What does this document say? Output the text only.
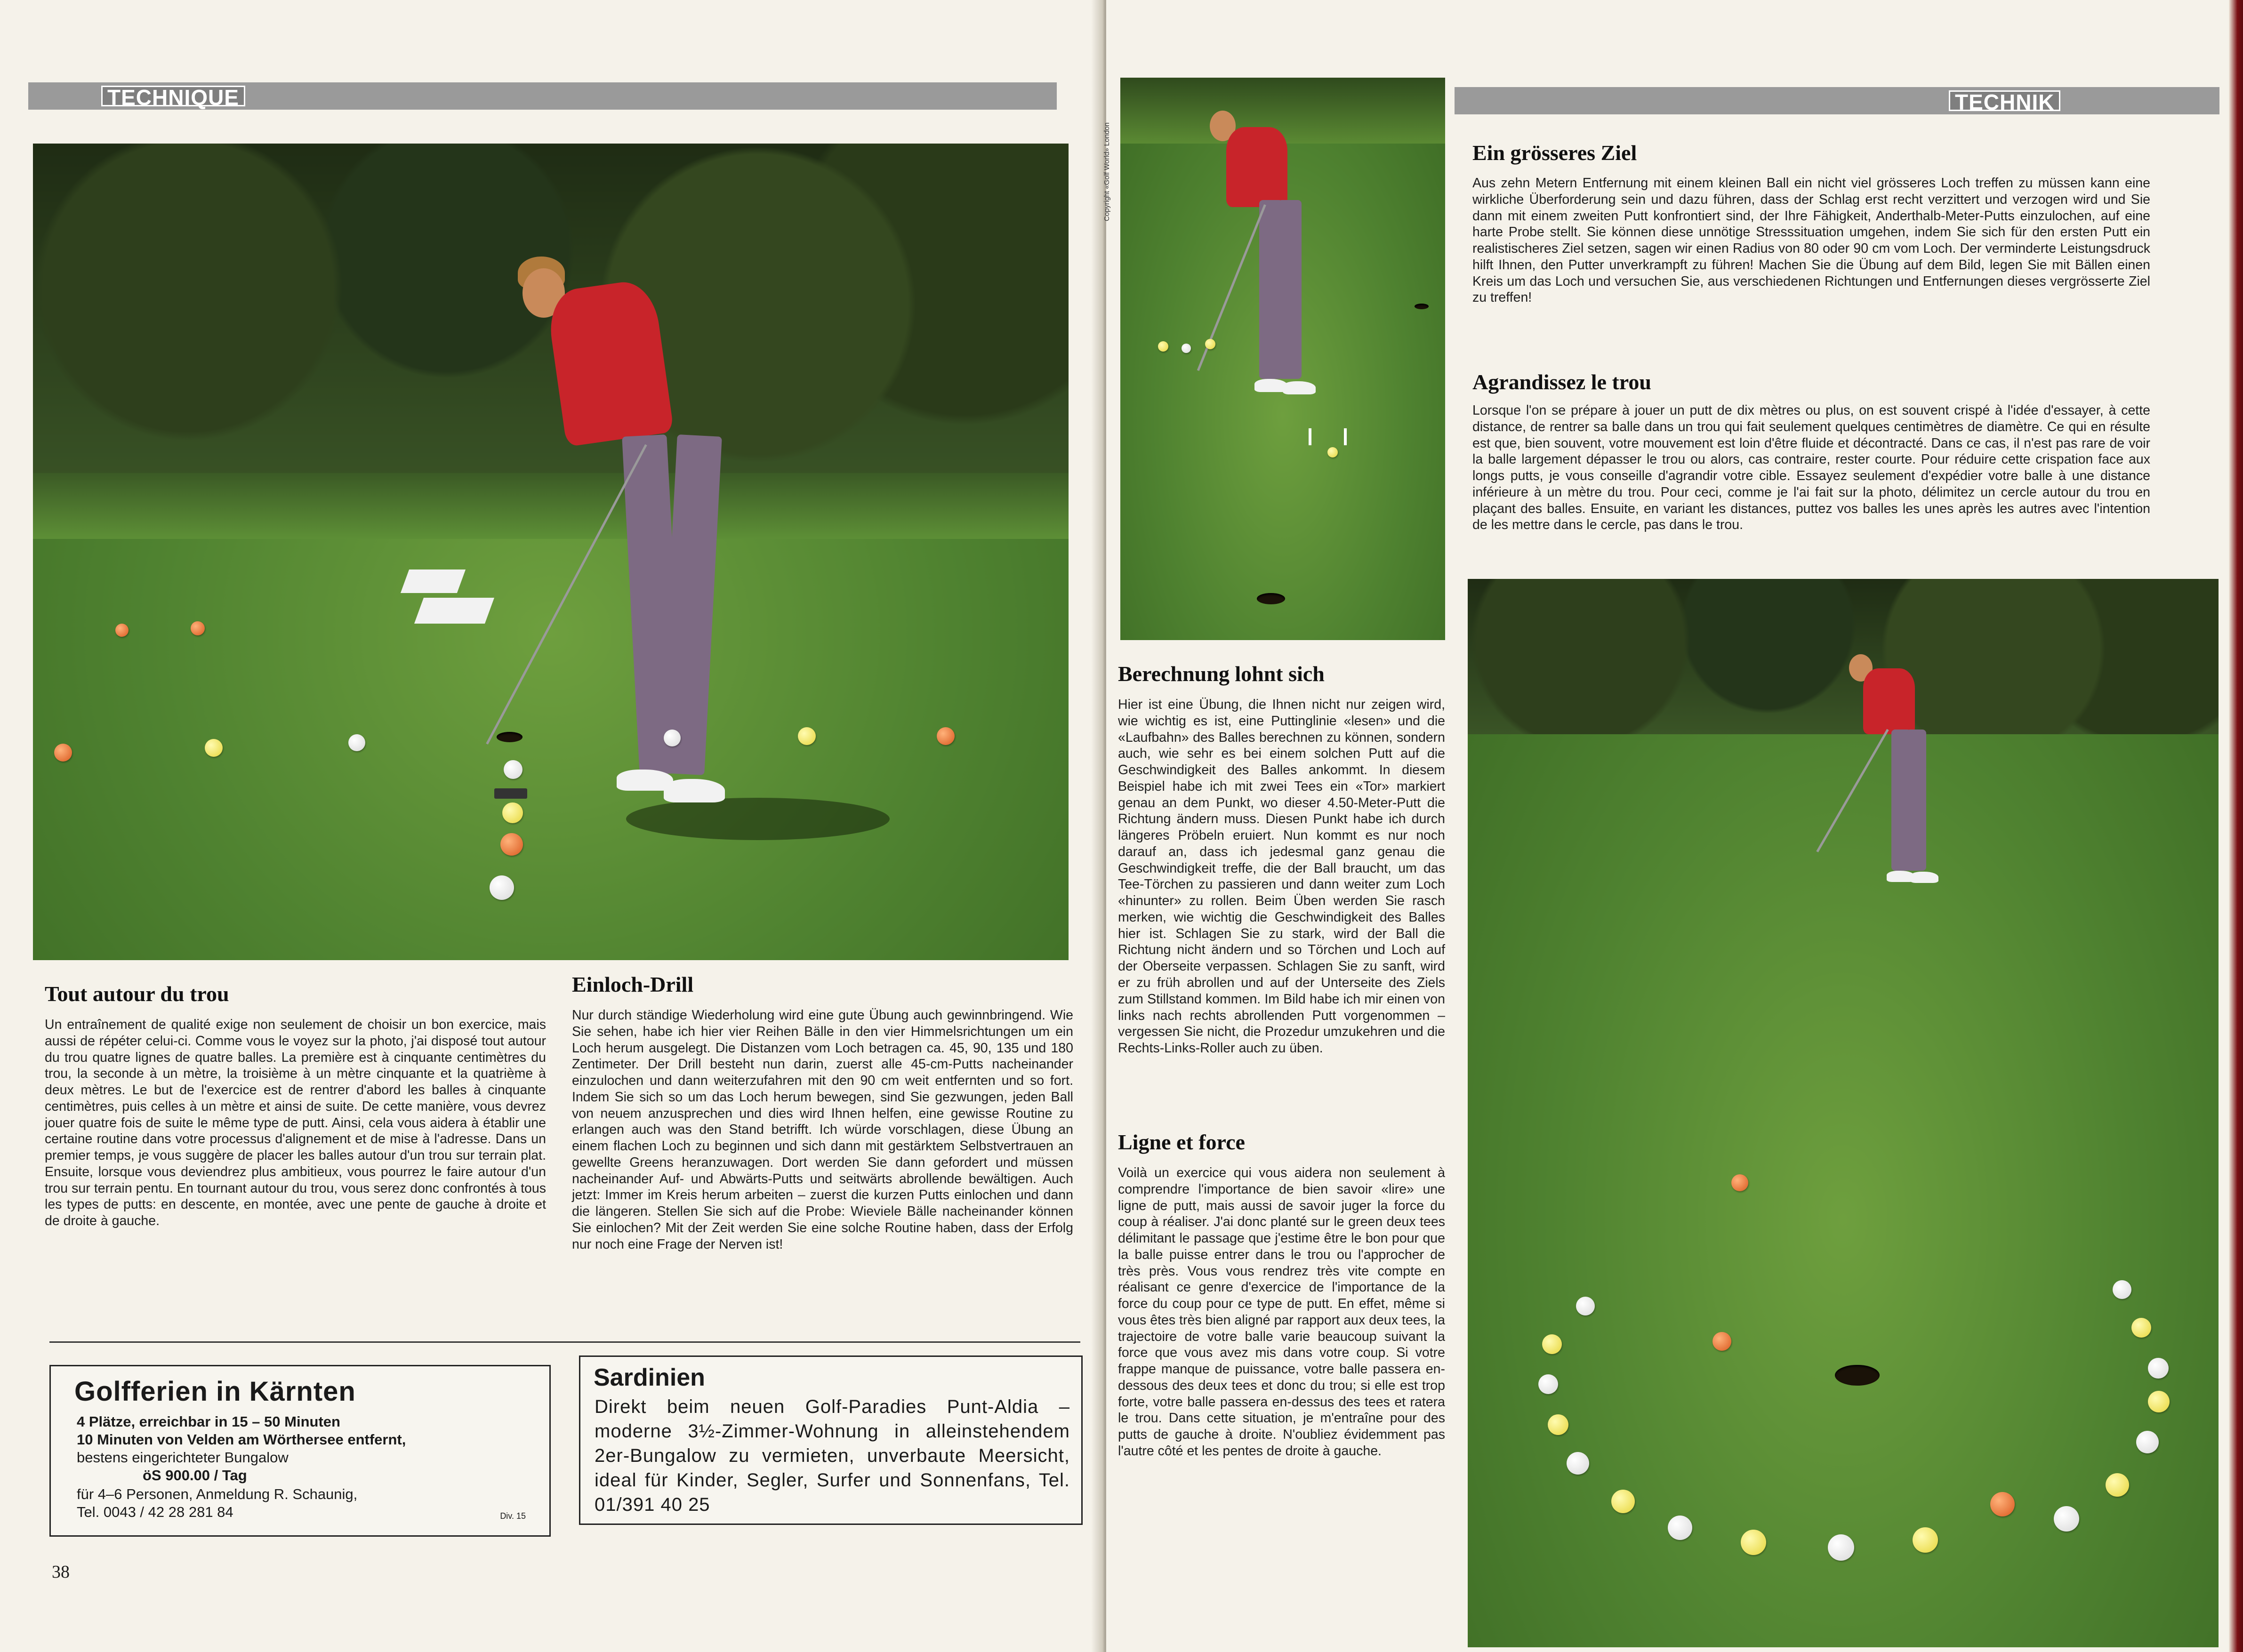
TECHNIQUE
Tout autour du trou
Un entraînement de qualité exige non seulement de choisir un bon exercice, mais aussi de répéter celui-ci. Comme vous le voyez sur la photo, j'ai disposé tout autour du trou quatre lignes de quatre balles. La première est à cinquante centimètres du trou, la seconde à un mètre, la troisième à un mètre cinquante et la quatrième à deux mètres. Le but de l'exercice est de rentrer d'abord les balles à cinquante centimètres, puis celles à un mètre et ainsi de suite. De cette manière, vous devrez jouer quatre fois de suite le même type de putt. Ainsi, cela vous aidera à établir une certaine routine dans votre processus d'alignement et de mise à l'adresse. Dans un premier temps, je vous suggère de placer les balles autour d'un trou sur terrain plat. Ensuite, lorsque vous deviendrez plus ambitieux, vous pourrez le faire autour d'un trou sur terrain pentu. En tournant autour du trou, vous serez donc confrontés à tous les types de putts: en descente, en montée, avec une pente de gauche à droite et de droite à gauche.
Einloch-Drill
Nur durch ständige Wiederholung wird eine gute Übung auch gewinnbringend. Wie Sie sehen, habe ich hier vier Reihen Bälle in den vier Himmelsrichtungen um ein Loch herum ausgelegt. Die Distanzen vom Loch betragen ca. 45, 90, 135 und 180 Zentimeter. Der Drill besteht nun darin, zuerst alle 45-cm-Putts nacheinander einzulochen und dann weiterzufahren mit den 90 cm weit entfernten und so fort. Indem Sie sich so um das Loch herum bewegen, sind Sie gezwungen, jeden Ball von neuem anzusprechen und dies wird Ihnen helfen, eine gewisse Routine zu erlangen auch was den Stand betrifft. Ich würde vorschlagen, diese Übung an einem flachen Loch zu beginnen und sich dann mit gestärktem Selbstvertrauen an gewellte Greens heranzuwagen. Dort werden Sie dann gefordert und müssen nacheinander Auf- und Abwärts-Putts und seitwärts abrollende bewältigen. Auch jetzt: Immer im Kreis herum arbeiten – zuerst die kurzen Putts einlochen und dann die längeren. Stellen Sie sich auf die Probe: Wieviele Bälle nacheinander können Sie einlochen? Mit der Zeit werden Sie eine solche Routine haben, dass der Erfolg nur noch eine Frage der Nerven ist!
Golfferien in Kärnten
4 Plätze, erreichbar in 15 – 50 Minuten
10 Minuten von Velden am Wörthersee entfernt,
bestens eingerichteter Bungalow
öS 900.00 / Tag
für 4–6 Personen, Anmeldung R. Schaunig,
Tel. 0043 / 42 28 281 84	Div. 15
Sardinien
Direkt beim neuen Golf-Paradies Punt-Aldia – moderne 3½-Zimmer-Wohnung in alleinstehendem 2er-Bungalow zu vermieten, unverbaute Meersicht, ideal für Kinder, Segler, Surfer und Sonnenfans, Tel. 01/391 40 25
38
TECHNIK
Ein grösseres Ziel
Aus zehn Metern Entfernung mit einem kleinen Ball ein nicht viel grösseres Loch treffen zu müssen kann eine wirkliche Überforderung sein und dazu führen, dass der Schlag erst recht verzittert und verzogen wird und Sie dann mit einem zweiten Putt konfrontiert sind, der Ihre Fähigkeit, Anderthalb-Meter-Putts einzulochen, auf eine harte Probe stellt. Sie können diese unnötige Stresssituation umgehen, indem Sie sich für den ersten Putt ein realistischeres Ziel setzen, sagen wir einen Radius von 80 oder 90 cm vom Loch. Der verminderte Leistungsdruck hilft Ihnen, den Putter unverkrampft zu führen! Machen Sie die Übung auf dem Bild, legen Sie mit Bällen einen Kreis um das Loch und versuchen Sie, aus verschiedenen Richtungen und Entfernungen dieses vergrösserte Ziel zu treffen!
Agrandissez le trou
Lorsque l'on se prépare à jouer un putt de dix mètres ou plus, on est souvent crispé à l'idée d'essayer, à cette distance, de rentrer sa balle dans un trou qui fait seulement quelques centimètres de diamètre. Ce qui en résulte est que, bien souvent, votre mouvement est loin d'être fluide et décontracté. Dans ce cas, il n'est pas rare de voir la balle largement dépasser le trou ou alors, cas contraire, rester courte. Pour réduire cette crispation face aux longs putts, je vous conseille d'agrandir votre cible. Essayez seulement d'expédier votre balle à une distance inférieure à un mètre du trou. Pour ceci, comme je l'ai fait sur la photo, délimitez un cercle autour du trou en plaçant des balles. Ensuite, en variant les distances, puttez vos balles les unes après les autres avec l'intention de les mettre dans le cercle, pas dans le trou.
Berechnung lohnt sich
Hier ist eine Übung, die Ihnen nicht nur zeigen wird, wie wichtig es ist, eine Puttinglinie «lesen» und die «Laufbahn» des Balles berechnen zu können, sondern auch, wie sehr es bei einem solchen Putt auf die Geschwindigkeit des Balles ankommt. In diesem Beispiel habe ich mit zwei Tees ein «Tor» markiert genau an dem Punkt, wo dieser 4.50-Meter-Putt die Richtung ändern muss. Diesen Punkt habe ich durch längeres Pröbeln eruiert. Nun kommt es nur noch darauf an, dass ich jedesmal ganz genau die Geschwindigkeit treffe, die der Ball braucht, um das Tee-Törchen zu passieren und dann weiter zum Loch «hinunter» zu rollen. Beim Üben werden Sie rasch merken, wie wichtig die Geschwindigkeit des Balles hier ist. Schlagen Sie zu stark, wird der Ball die Richtung nicht ändern und so Törchen und Loch auf der Oberseite verpassen. Schlagen Sie zu sanft, wird er zu früh abrollen und auf der Unterseite des Ziels zum Stillstand kommen. Im Bild habe ich mir einen von links nach rechts abrollenden Putt vorgenommen – vergessen Sie nicht, die Prozedur umzukehren und die Rechts-Links-Roller auch zu üben.
Ligne et force
Voilà un exercice qui vous aidera non seulement à comprendre l'importance de bien savoir «lire» une ligne de putt, mais aussi de savoir juger la force du coup à réaliser. J'ai donc planté sur le green deux tees délimitant le passage que j'estime être le bon pour que la balle puisse entrer dans le trou ou l'approcher de très près. Vous vous rendrez très vite compte en réalisant ce genre d'exercice de l'importance de la force du coup pour ce type de putt. En effet, même si vous êtes très bien aligné par rapport aux deux tees, la trajectoire de votre balle varie beaucoup suivant la force que vous avez mis dans votre coup. Si votre frappe manque de puissance, votre balle passera en-dessous des deux tees et donc du trou; si elle est trop forte, votre balle passera en-dessus des tees et ratera le trou. Dans cette situation, je m'entraîne pour des putts de gauche à droite. N'oubliez évidemment pas l'autre côté et les pentes de droite à gauche.
Copyright «Golf World» London
